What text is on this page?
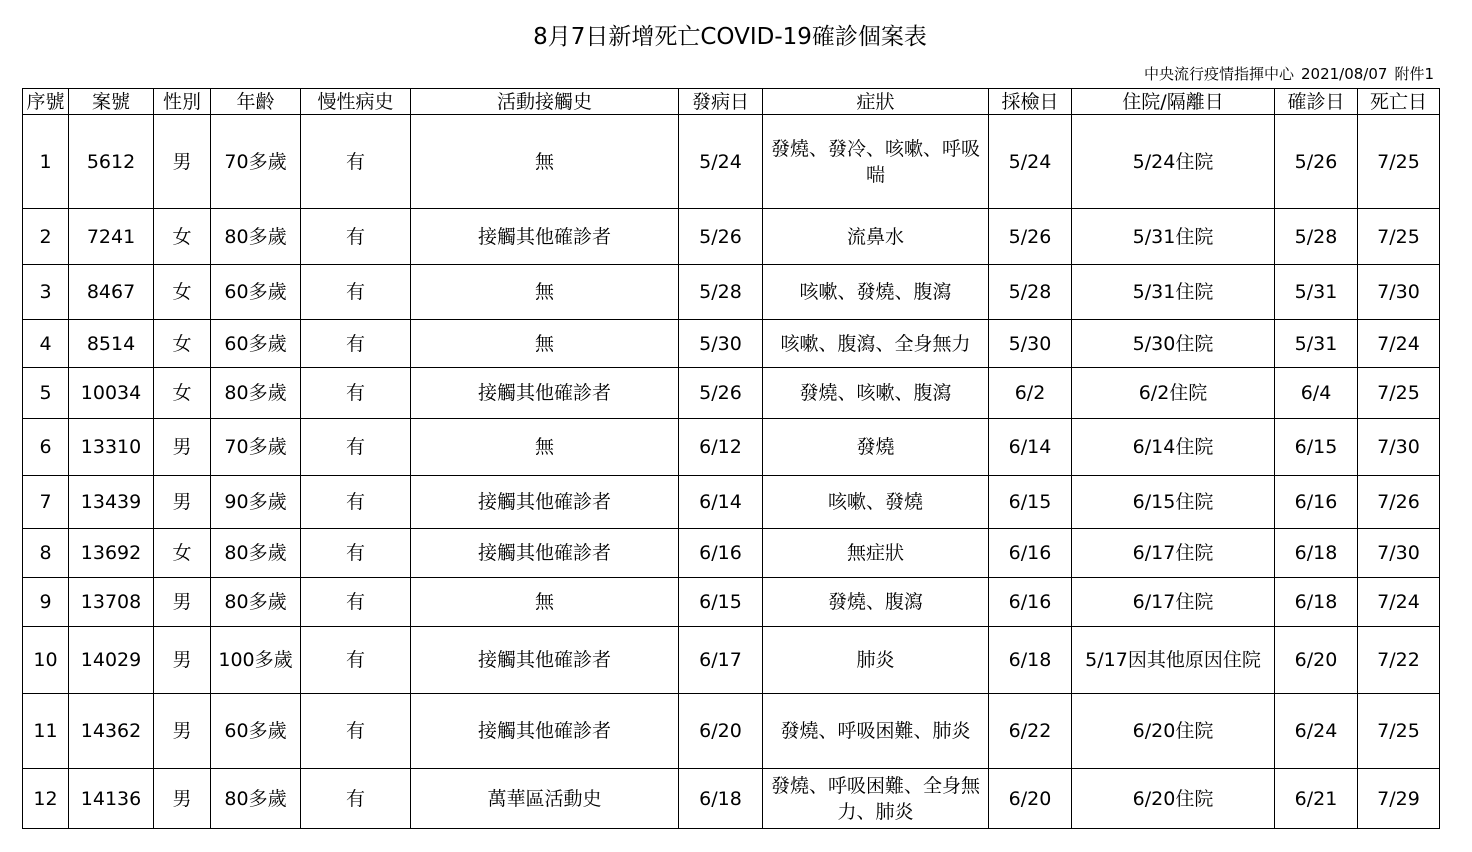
8月7日新增死亡COVID-19確診個案表
中央流行疫情指揮中心 2021/08/07 附件1
序號	案號	性別	年齡	慢性病史	活動接觸史	發病日	症狀	採檢日	住院/隔離日	確診日	死亡日
1	5612	男	70多歲	有	無	5/24	發燒、發冷、咳嗽、呼吸喘	5/24	5/24住院	5/26	7/25
2	7241	女	80多歲	有	接觸其他確診者	5/26	流鼻水	5/26	5/31住院	5/28	7/25
3	8467	女	60多歲	有	無	5/28	咳嗽、發燒、腹瀉	5/28	5/31住院	5/31	7/30
4	8514	女	60多歲	有	無	5/30	咳嗽、腹瀉、全身無力	5/30	5/30住院	5/31	7/24
5	10034	女	80多歲	有	接觸其他確診者	5/26	發燒、咳嗽、腹瀉	6/2	6/2住院	6/4	7/25
6	13310	男	70多歲	有	無	6/12	發燒	6/14	6/14住院	6/15	7/30
7	13439	男	90多歲	有	接觸其他確診者	6/14	咳嗽、發燒	6/15	6/15住院	6/16	7/26
8	13692	女	80多歲	有	接觸其他確診者	6/16	無症狀	6/16	6/17住院	6/18	7/30
9	13708	男	80多歲	有	無	6/15	發燒、腹瀉	6/16	6/17住院	6/18	7/24
10	14029	男	100多歲	有	接觸其他確診者	6/17	肺炎	6/18	5/17因其他原因住院	6/20	7/22
11	14362	男	60多歲	有	接觸其他確診者	6/20	發燒、呼吸困難、肺炎	6/22	6/20住院	6/24	7/25
12	14136	男	80多歲	有	萬華區活動史	6/18	發燒、呼吸困難、全身無力、肺炎	6/20	6/20住院	6/21	7/29
